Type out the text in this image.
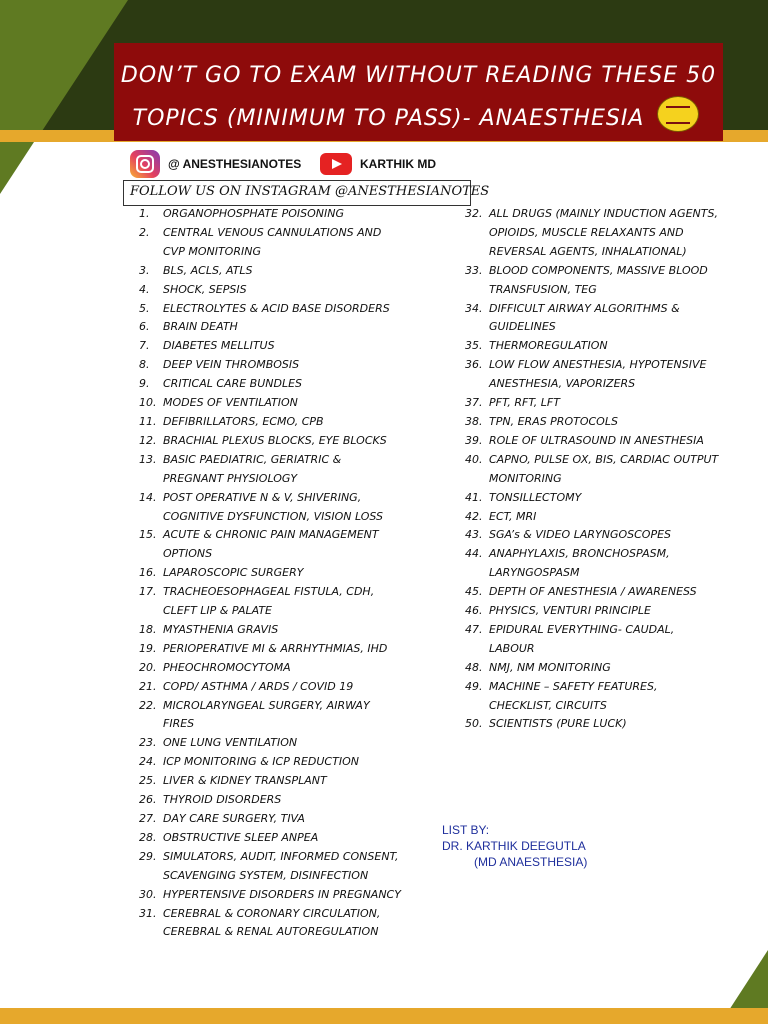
DON’T GO TO EXAM WITHOUT READING THESE 50
TOPICS (MINIMUM TO PASS)- ANAESTHESIA
@ ANESTHESIANOTES	KARTHIK MD
FOLLOW US ON INSTAGRAM @ANESTHESIANOTES
1.	ORGANOPHOSPHATE POISONING
2.	CENTRAL VENOUS CANNULATIONS AND CVP MONITORING
3.	BLS, ACLS, ATLS
4.	SHOCK, SEPSIS
5.	ELECTROLYTES & ACID BASE DISORDERS
6.	BRAIN DEATH
7.	DIABETES MELLITUS
8.	DEEP VEIN THROMBOSIS
9.	CRITICAL CARE BUNDLES
10. MODES OF VENTILATION
11. DEFIBRILLATORS, ECMO, CPB
12. BRACHIAL PLEXUS BLOCKS, EYE BLOCKS
13. BASIC PAEDIATRIC, GERIATRIC & PREGNANT PHYSIOLOGY
14. POST OPERATIVE N & V, SHIVERING, COGNITIVE DYSFUNCTION, VISION LOSS
15. ACUTE & CHRONIC PAIN MANAGEMENT OPTIONS
16. LAPAROSCOPIC SURGERY
17. TRACHEOESOPHAGEAL FISTULA, CDH, CLEFT LIP & PALATE
18. MYASTHENIA GRAVIS
19. PERIOPERATIVE MI & ARRHYTHMIAS, IHD
20. PHEOCHROMOCYTOMA
21. COPD/ ASTHMA / ARDS / COVID 19
22. MICROLARYNGEAL SURGERY, AIRWAY FIRES
23. ONE LUNG VENTILATION
24. ICP MONITORING & ICP REDUCTION
25. LIVER & KIDNEY TRANSPLANT
26. THYROID DISORDERS
27. DAY CARE SURGERY, TIVA
28. OBSTRUCTIVE SLEEP ANPEA
29. SIMULATORS, AUDIT, INFORMED CONSENT, SCAVENGING SYSTEM, DISINFECTION
30. HYPERTENSIVE DISORDERS IN PREGNANCY
31. CEREBRAL & CORONARY CIRCULATION, CEREBRAL & RENAL AUTOREGULATION
32. ALL DRUGS (MAINLY INDUCTION AGENTS, OPIOIDS, MUSCLE RELAXANTS AND REVERSAL AGENTS, INHALATIONAL)
33. BLOOD COMPONENTS, MASSIVE BLOOD TRANSFUSION, TEG
34. DIFFICULT AIRWAY ALGORITHMS & GUIDELINES
35. THERMOREGULATION
36. LOW FLOW ANESTHESIA, HYPOTENSIVE ANESTHESIA, VAPORIZERS
37. PFT, RFT, LFT
38. TPN, ERAS PROTOCOLS
39. ROLE OF ULTRASOUND IN ANESTHESIA
40. CAPNO, PULSE OX, BIS, CARDIAC OUTPUT MONITORING
41. TONSILLECTOMY
42. ECT, MRI
43. SGA’s & VIDEO LARYNGOSCOPES
44. ANAPHYLAXIS, BRONCHOSPASM, LARYNGOSPASM
45. DEPTH OF ANESTHESIA / AWARENESS
46. PHYSICS, VENTURI PRINCIPLE
47. EPIDURAL EVERYTHING- CAUDAL, LABOUR
48. NMJ, NM MONITORING
49. MACHINE – SAFETY FEATURES, CHECKLIST, CIRCUITS
50. SCIENTISTS (PURE LUCK)
LIST BY:
DR. KARTHIK DEEGUTLA
(MD ANAESTHESIA)
